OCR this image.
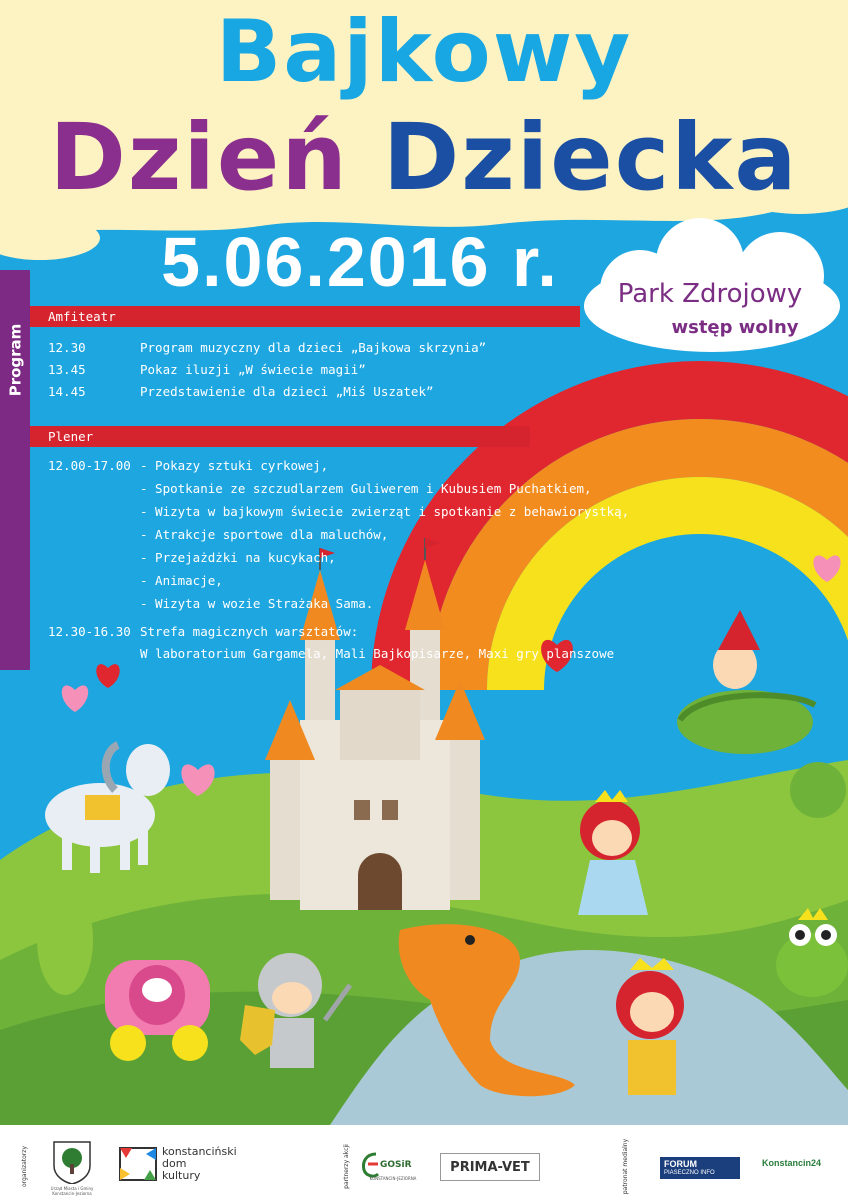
Bajkowy
Dzień Dziecka
5.06.2016 r.	Park Zdrojowy
wstęp wolny
Program
Amfiteatr
12.30	Program muzyczny dla dzieci „Bajkowa skrzynia”
13.45	Pokaz iluzji „W świecie magii”
14.45	Przedstawienie dla dzieci „Miś Uszatek”
Plener
12.00-17.00 - Pokazy sztuki cyrkowej,
- Spotkanie ze szczudlarzem Guliwerem i Kubusiem Puchatkiem,
- Wizyta w bajkowym świecie zwierząt i spotkanie z behawiorystką,
- Atrakcje sportowe dla maluchów,
- Przejażdżki na kucykach,
- Animacje,
- Wizyta w wozie Strażaka Sama.
12.30-16.30 Strefa magicznych warsztatów:
W laboratorium Gargamela, Mali Bajkopisarze, Maxi gry planszowe
organizatorzy
Urząd Miasta i Gminy Konstancin-Jeziorna
konstanciński
dom
kultury	partnerzy akcji	GOSiR
KONSTANCIN-JEZIORNA
PRIMA-VET	patronat medialny	FORUM
PIASECZNO INFO
Konstancin24
